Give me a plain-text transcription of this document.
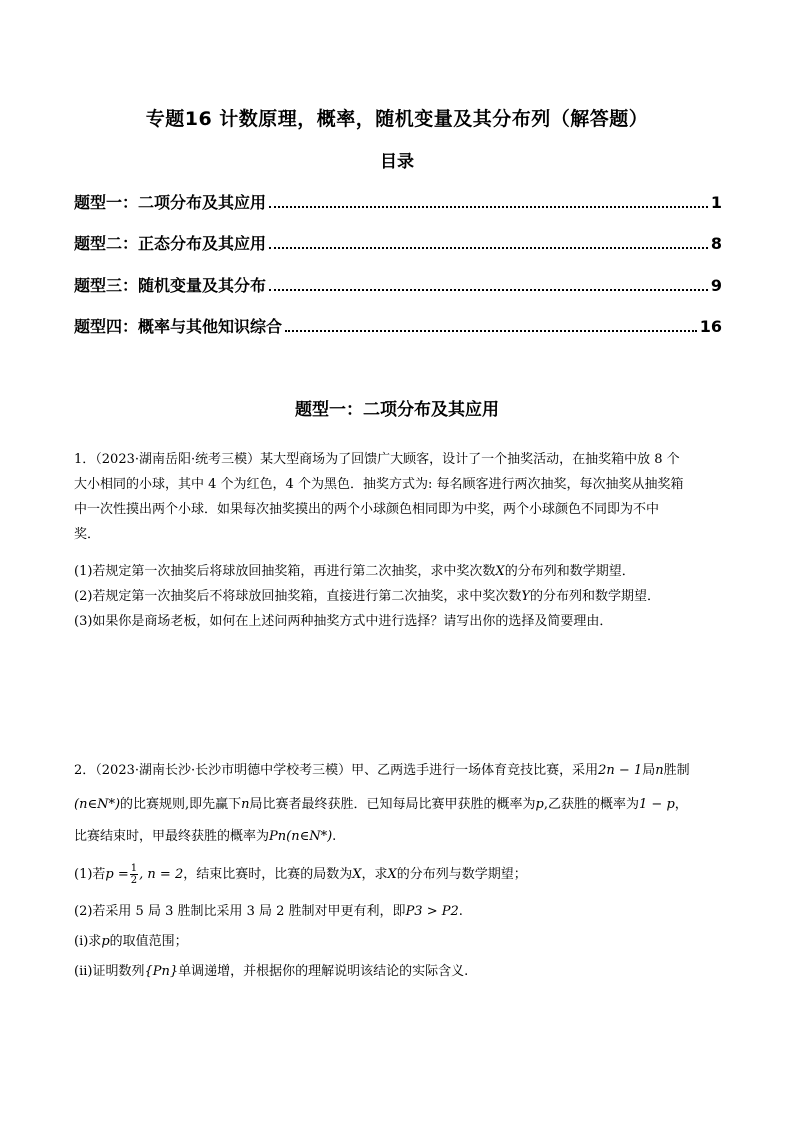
专题16 计数原理，概率，随机变量及其分布列（解答题）
目录
题型一：二项分布及其应用	1
题型二：正态分布及其应用	8
题型三：随机变量及其分布	9
题型四：概率与其他知识综合	16
题型一：二项分布及其应用
1．（2023·湖南岳阳·统考三模）某大型商场为了回馈广大顾客，设计了一个抽奖活动，在抽奖箱中放 8 个
大小相同的小球，其中 4 个为红色，4 个为黑色．抽奖方式为: 每名顾客进行两次抽奖，每次抽奖从抽奖箱
中一次性摸出两个小球．如果每次抽奖摸出的两个小球颜色相同即为中奖，两个小球颜色不同即为不中
奖．
(1)若规定第一次抽奖后将球放回抽奖箱，再进行第二次抽奖，求中奖次数X的分布列和数学期望．
(2)若规定第一次抽奖后不将球放回抽奖箱，直接进行第二次抽奖，求中奖次数Y的分布列和数学期望．
(3)如果你是商场老板，如何在上述问两种抽奖方式中进行选择？请写出你的选择及简要理由．
2．（2023·湖南长沙·长沙市明德中学校考三模）甲、乙两选手进行一场体育竞技比赛，采用2n − 1局n胜制
(n∈N*)的比赛规则,即先赢下n局比赛者最终获胜．已知每局比赛甲获胜的概率为p,乙获胜的概率为1 − p，
比赛结束时，甲最终获胜的概率为Pn(n∈N*).
(1)若$p = \frac{1}{2}$ , n = 2，结束比赛时，比赛的局数为X，求X的分布列与数学期望；
(2)若采用 5 局 3 胜制比采用 3 局 2 胜制对甲更有利，即P3 > P2.
(i)求p的取值范围；
(ii)证明数列{Pn}单调递增，并根据你的理解说明该结论的实际含义.
